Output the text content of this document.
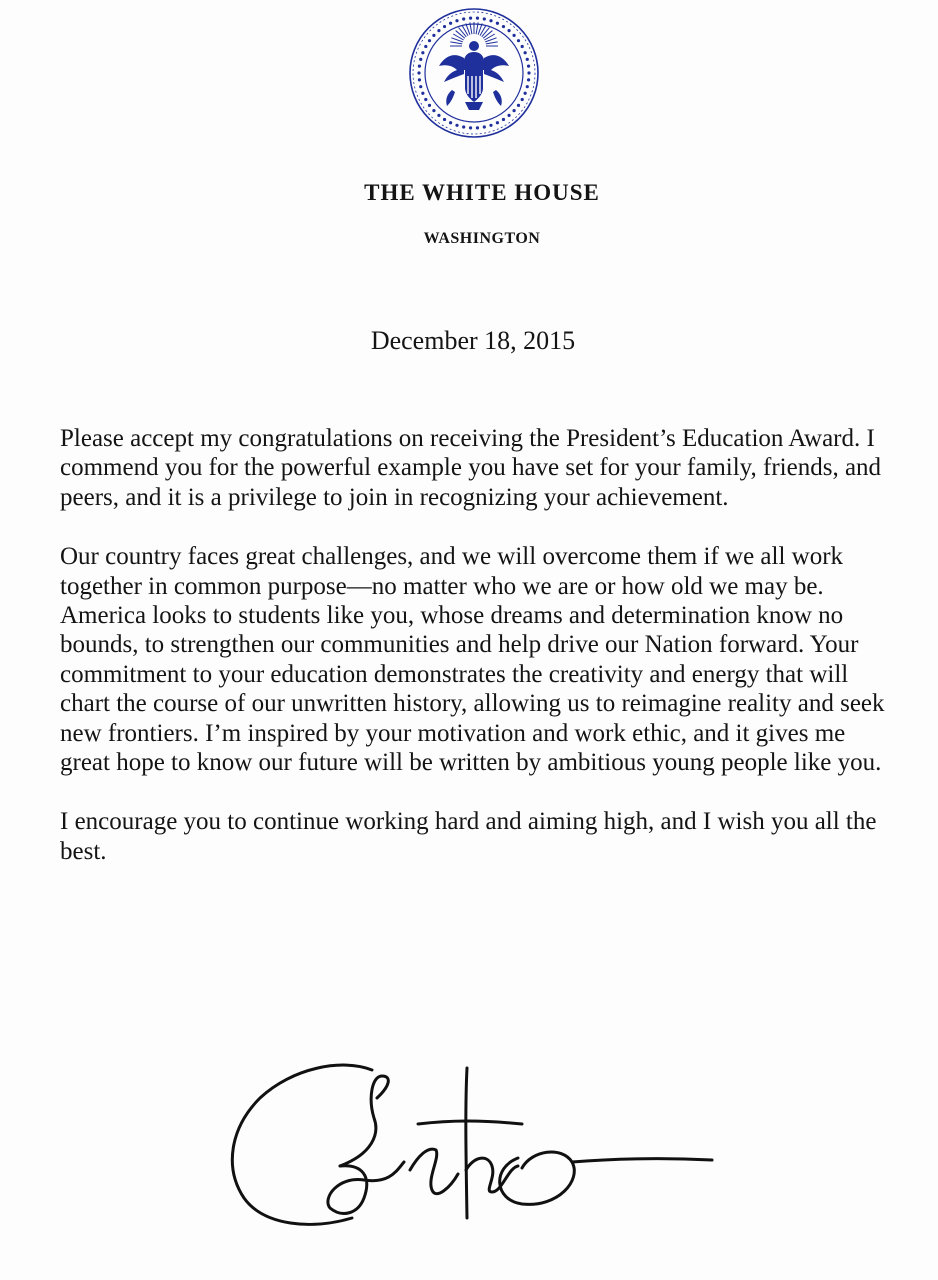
THE WHITE HOUSE
WASHINGTON
December 18, 2015

Please accept my congratulations on receiving the President’s Education Award. I commend you for the powerful example you have set for your family, friends, and peers, and it is a privilege to join in recognizing your achievement.

Our country faces great challenges, and we will overcome them if we all work together in common purpose—no matter who we are or how old we may be. America looks to students like you, whose dreams and determination know no bounds, to strengthen our communities and help drive our Nation forward. Your commitment to your education demonstrates the creativity and energy that will chart the course of our unwritten history, allowing us to reimagine reality and seek new frontiers. I’m inspired by your motivation and work ethic, and it gives me great hope to know our future will be written by ambitious young people like you.

I encourage you to continue working hard and aiming high, and I wish you all the best.
